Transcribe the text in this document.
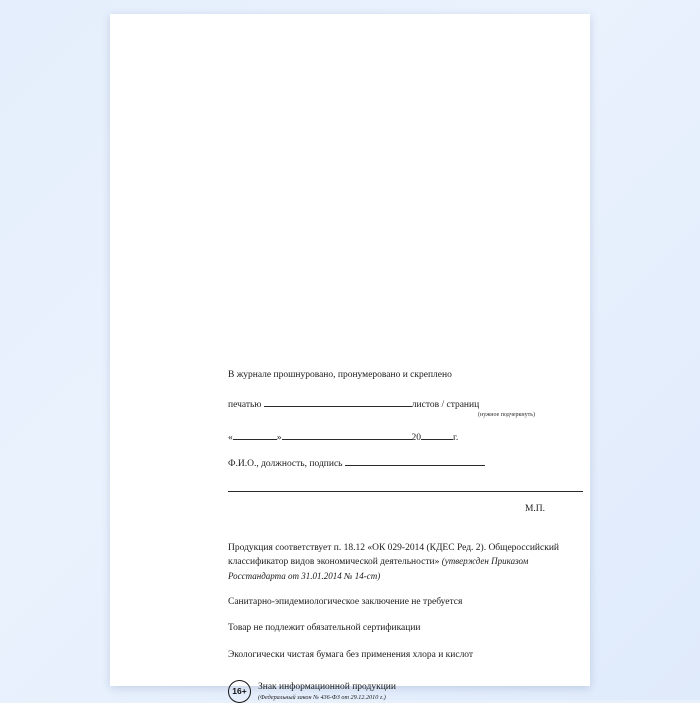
В журнале прошнуровано, пронумеровано и скреплено
печатью	листов / страниц
(нужное подчеркнуть)
«	»	20	г.
Ф.И.О., должность, подпись
М.П.
Продукция соответствует п. 18.12 «ОК 029-2014 (КДЕС Ред. 2). Общероссийский классификатор видов экономической деятельности» (утвержден Приказом Росстандарта от 31.01.2014 № 14-ст)
Санитарно-эпидемиологическое заключение не требуется
Товар не подлежит обязательной сертификации
Экологически чистая бумага без применения хлора и кислот
16+	Знак информационной продукции
(Федеральный закон № 436-ФЗ от 29.12.2010 г.)
